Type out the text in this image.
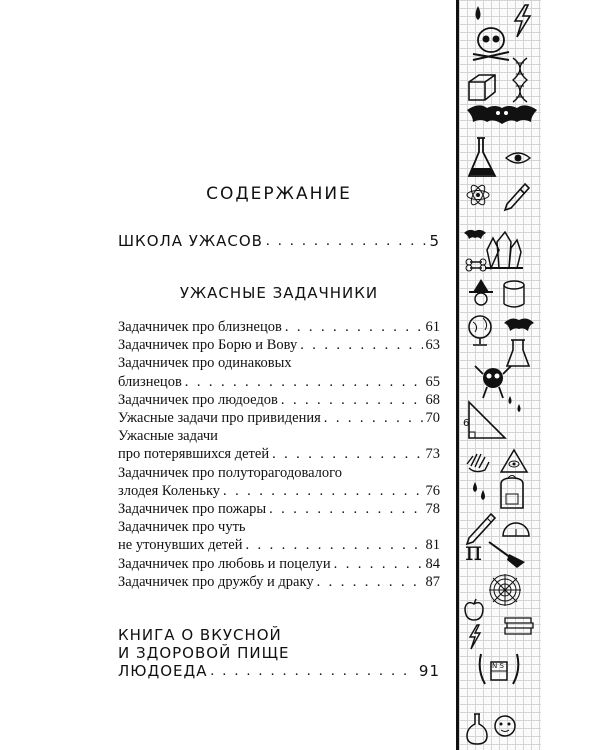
СОДЕРЖАНИЕ
ШКОЛА УЖАСОВ . . .	5
УЖАСНЫЕ ЗАДАЧНИКИ
Задачничек про близнецов . . .	61
Задачничек про Борю и Вову . . .	63
Задачничек про одинаковых
близнецов . . .	65
Задачничек про людоедов . . .	68
Ужасные задачи про привидения . . .	70
Ужасные задачи
про потерявшихся детей . . .	73
Задачничек про полуторагодовалого
злодея Коленьку . . .	76
Задачничек про пожары . . .	78
Задачничек про чуть
не утонувших детей . . .	81
Задачничек про любовь и поцелуи . . .	84
Задачничек про дружбу и драку . . .	87
КНИГА О ВКУСНОЙ
И ЗДОРОВОЙ ПИЩЕ
ЛЮДОЕДА . . .	91
6
π
N S
